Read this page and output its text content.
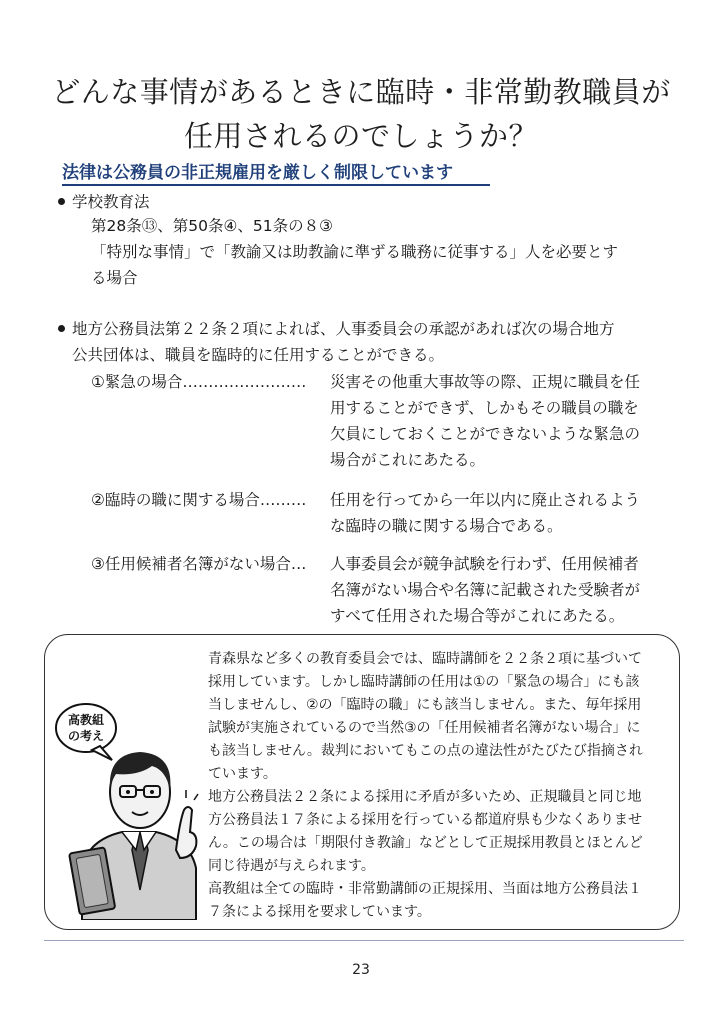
どんな事情があるときに臨時・非常勤教職員が
任用されるのでしょうか？
法律は公務員の非正規雇用を厳しく制限しています
学校教育法
第28条⑬、第50条④、51条の８③
「特別な事情」で「教諭又は助教諭に準ずる職務に従事する」人を必要とす
る場合
地方公務員法第２２条２項によれば、人事委員会の承認があれば次の場合地方
公共団体は、職員を臨時的に任用することができる。
①緊急の場合…………………… 災害その他重大事故等の際、正規に職員を任
用することができず、しかもその職員の職を
欠員にしておくことができないような緊急の
場合がこれにあたる。
②臨時の職に関する場合……… 任用を行ってから一年以内に廃止されるよう
な臨時の職に関する場合である。
③任用候補者名簿がない場合… 人事委員会が競争試験を行わず、任用候補者
名簿がない場合や名簿に記載された受験者が
すべて任用された場合等がこれにあたる。
高教組
の考え
青森県など多くの教育委員会では、臨時講師を２２条２項に基づいて
採用しています。しかし臨時講師の任用は①の「緊急の場合」にも該
当しませんし、②の「臨時の職」にも該当しません。また、毎年採用
試験が実施されているので当然③の「任用候補者名簿がない場合」に
も該当しません。裁判においてもこの点の違法性がたびたび指摘され
ています。
地方公務員法２２条による採用に矛盾が多いため、正規職員と同じ地
方公務員法１７条による採用を行っている都道府県も少なくありませ
ん。この場合は「期限付き教諭」などとして正規採用教員とほとんど
同じ待遇が与えられます。
高教組は全ての臨時・非常勤講師の正規採用、当面は地方公務員法１
７条による採用を要求しています。
23
